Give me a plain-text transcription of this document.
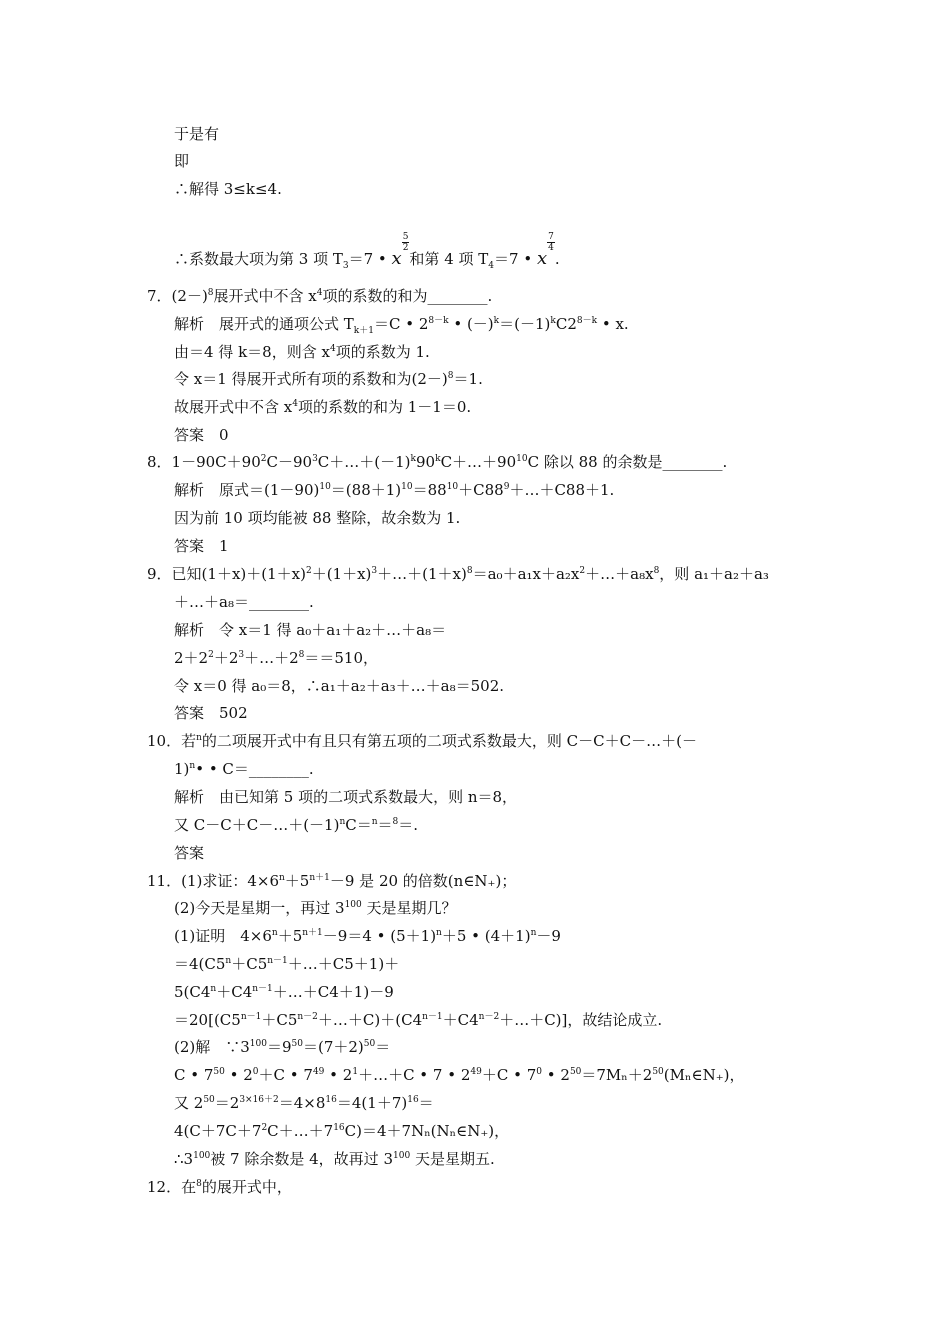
于是有
即
∴解得 3≤k≤4.
∴系数最大项为第 3 项 $T_3=7$ • x
$\frac{5}{2}$
和第 4 项 $T_4=7$ • x
$\frac{7}{4}$
.
7．$(2-)^8$展开式中不含 $x^4$项的系数的和为________.
解析　展开式的通项公式 $T_{k+1}=C$ • $2^{8-k}$ • $(-)^k=(-1)^kC2^{8-k}$ • x.
由＝4 得 k＝8，则含 $x^4$项的系数为 1.
令 x＝1 得展开式所有项的系数和为$(2-)^8=1$.
故展开式中不含 $x^4$项的系数的和为 1－1＝0.
答案　0
8．$1-90C+90^2C-90^3C+\dots+(-1)^k90^kC+\dots+90^{10}C$ 除以 88 的余数是________.
解析　原式$=(1-90)^{10}=(88+1)^{10}=88^{10}+C88^9+\dots+C88+1$.
因为前 10 项均能被 88 整除，故余数为 1.
答案　1
9．已知$(1+x)+(1+x)^2+(1+x)^3+\dots+(1+x)^8=a_0+a_1x+a_2x^2+\dots+a_8x^8$，则 a₁＋a₂＋a₃
＋…＋a₈＝________.
解析　令 x＝1 得 a₀＋a₁＋a₂＋…＋a₈＝
$2+2^2+2^3+\dots+2^8==510$，
令 x＝0 得 a₀＝8，∴a₁＋a₂＋a₃＋…＋a₈＝502.
答案　502
10．若$^n$的二项展开式中有且只有第五项的二项式系数最大，则 C－C＋C－…＋(－
1)$^n$• • C＝________.
解析　由已知第 5 项的二项式系数最大，则 n＝8，
又 $C-C+C-\dots+(-1)^nC=^n=^8=$.
答案
11．(1)求证：$4\times 6^n+5^{n+1}-9$ 是 20 的倍数(n∈N₊)；
(2)今天是星期一，再过 $3^{100}$ 天是星期几？
(1)证明　$4\times 6^n+5^{n+1}-9=4$ • $(5+1)^n+5$ • $(4+1)^n-9$
$=4(C5^n+C5^{n-1}+\dots+C5+1)+$
$5(C4^n+C4^{n-1}+\dots+C4+1)-9$
$=20[(C5^{n-1}+C5^{n-2}+\dots+C)+(C4^{n-1}+C4^{n-2}+\dots+C)]$，故结论成立.
(2)解　$\because 3^{100}=9^{50}=(7+2)^{50}=$
C • $7^{50}$ • $2^0+C$ • $7^{49}$ • $2^1+\dots+C$ • 7 • $2^{49}+C$ • $7^0$ • $2^{50}=7M_n+2^{50}(M_n\in N_+)$，
又 $2^{50}=2^{3\times 16+2}=4\times 8^{16}=4(1+7)^{16}=$
$4(C+7C+7^2C+\dots+7^{16}C)=4+7N_n(N_n\in N_+)$，
$\therefore 3^{100}$被 7 除余数是 4，故再过 $3^{100}$ 天是星期五.
12．在$^8$的展开式中，
